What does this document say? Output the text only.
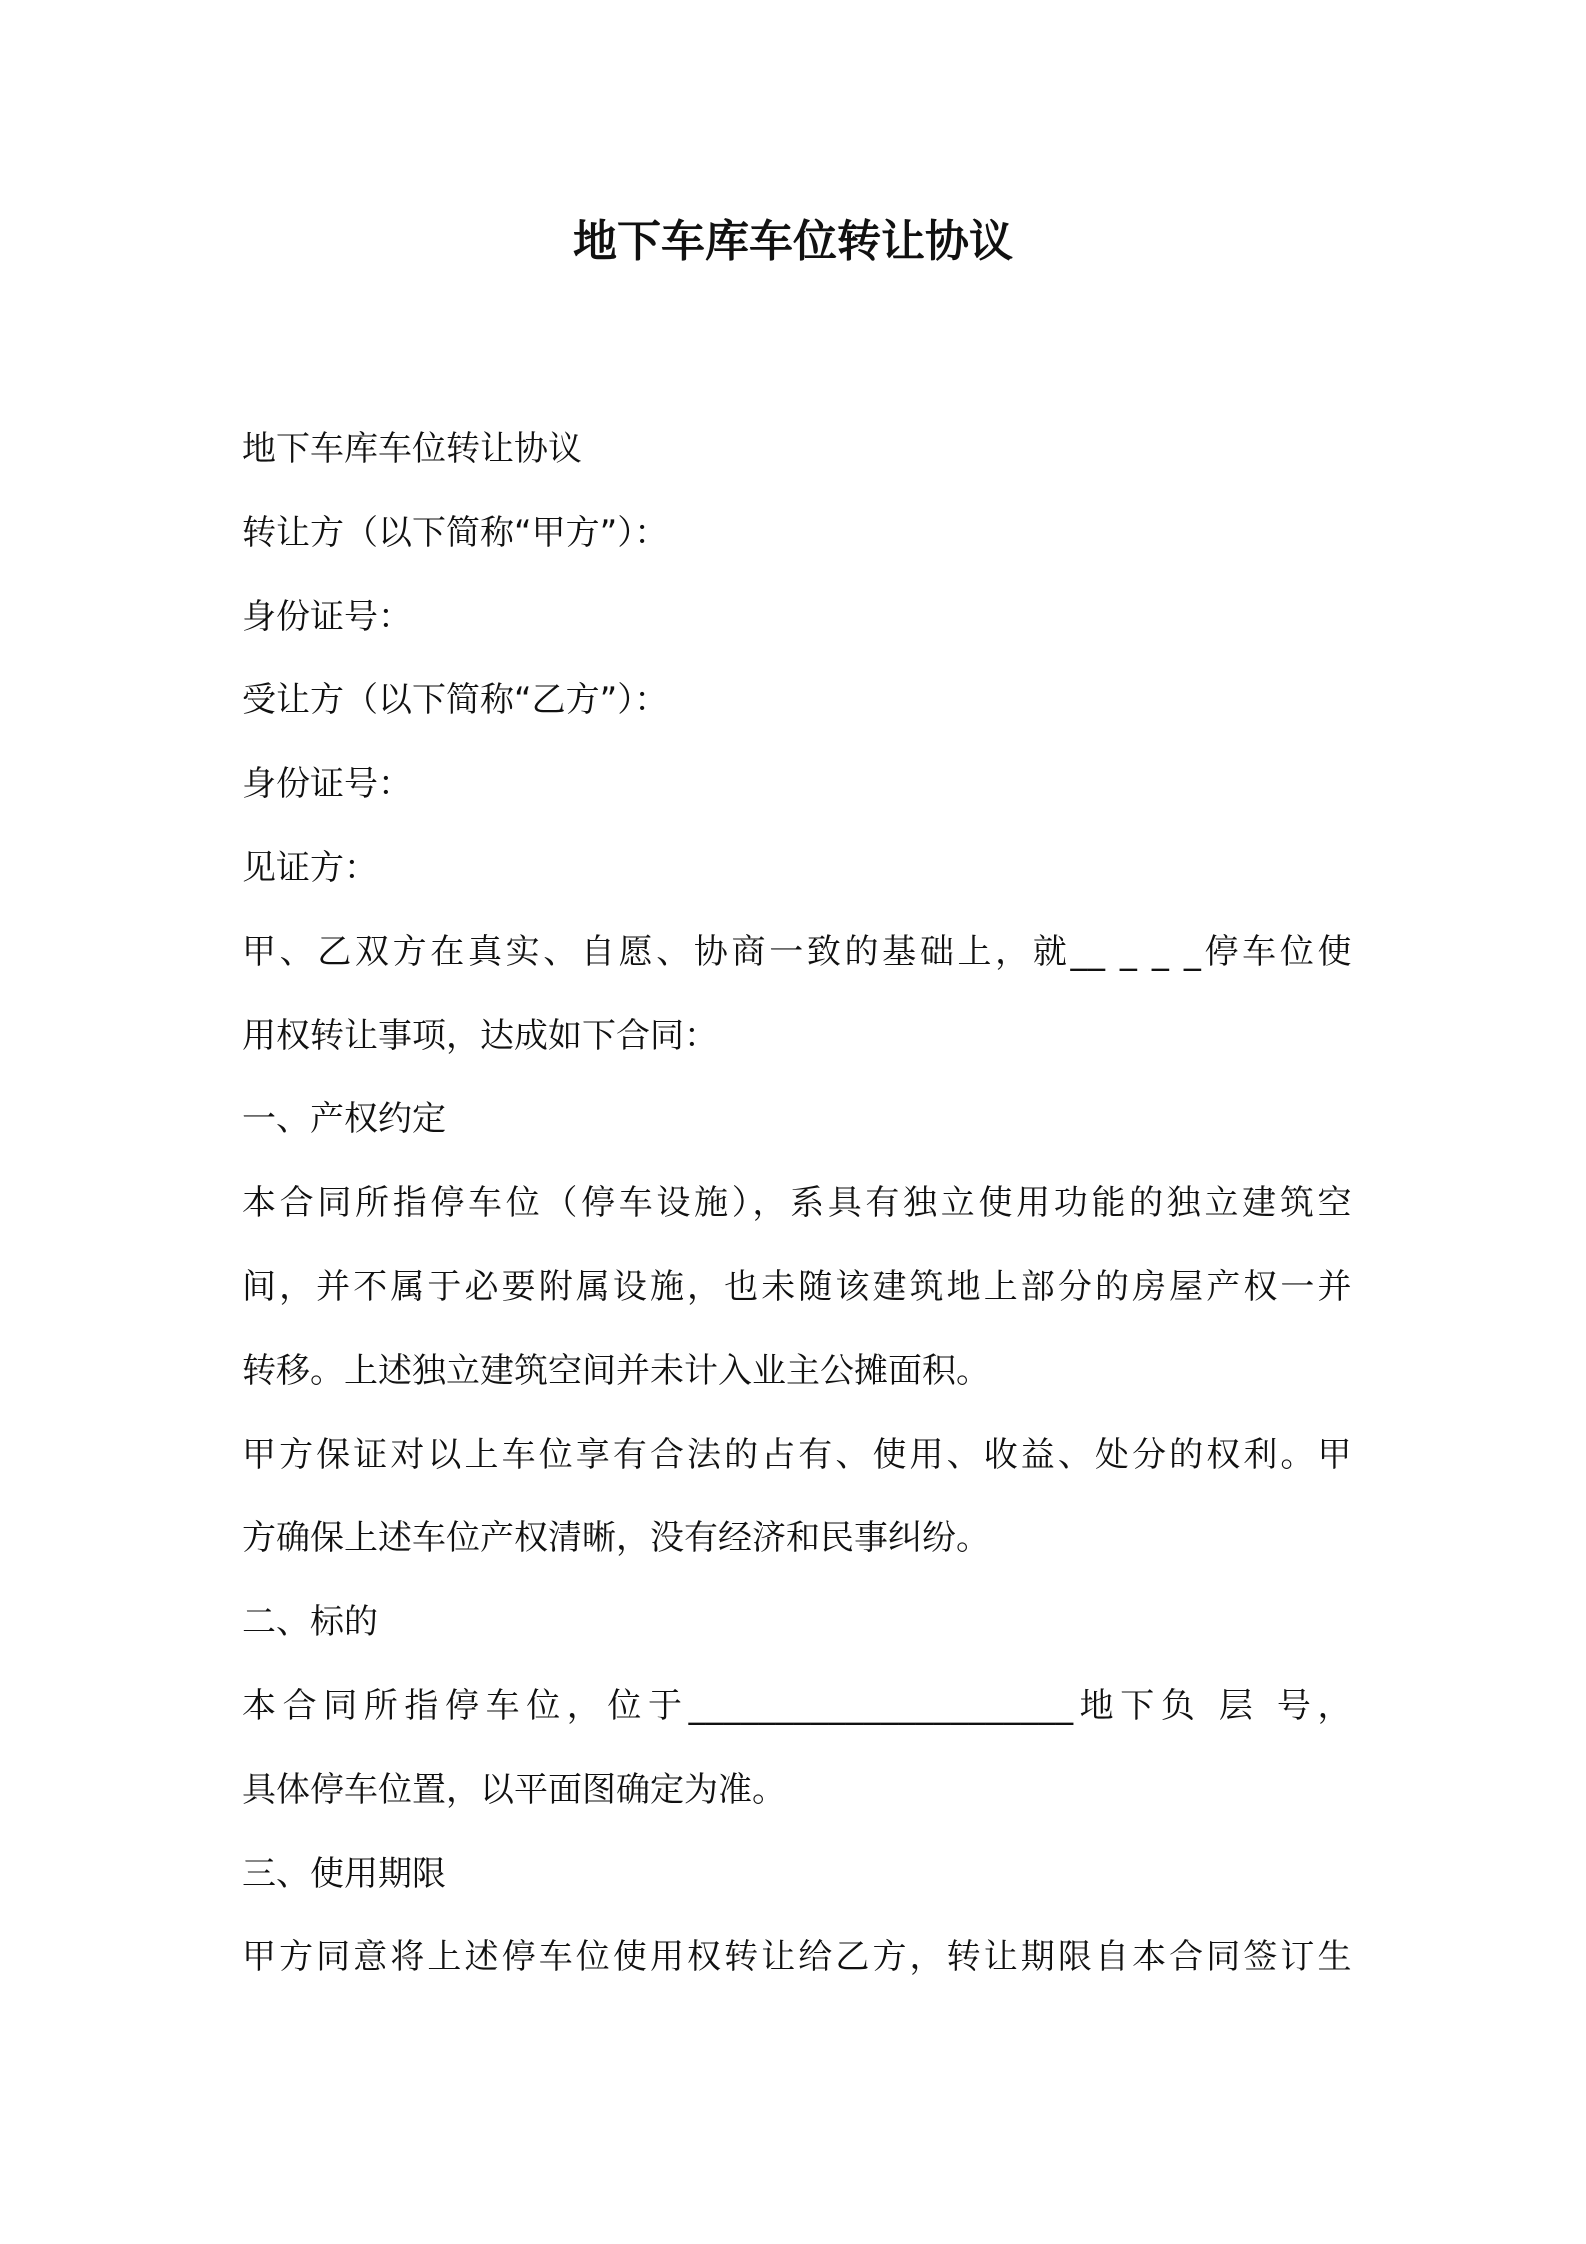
地下车库车位转让协议
地下车库车位转让协议
转让方（以下简称“甲方”）：
身份证号：
受让方（以下简称“乙方”）：
身份证号：
见证方：
甲、乙双方在真实、自愿、协商一致的基础上，就__ _ _ _停车位使
用权转让事项，达成如下合同：
一、产权约定
本合同所指停车位（停车设施），系具有独立使用功能的独立建筑空
间，并不属于必要附属设施，也未随该建筑地上部分的房屋产权一并
转移。上述独立建筑空间并未计入业主公摊面积。
甲方保证对以上车位享有合法的占有、使用、收益、处分的权利。甲
方确保上述车位产权清晰，没有经济和民事纠纷。
二、标的
本合同所指停车位，位于______________________地下负 层 号，
具体停车位置，以平面图确定为准。
三、使用期限
甲方同意将上述停车位使用权转让给乙方，转让期限自本合同签订生
